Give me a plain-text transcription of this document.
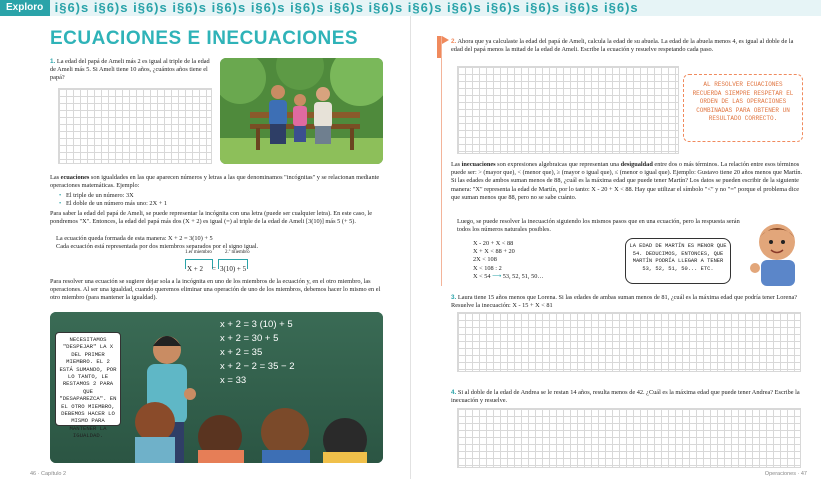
Exploro i§6)s i§6)s i§6)s i§6)s i§6)s i§6)s i§6)s i§6)s i§6)s i§6)s i§6)s i§6)s i§6)s i§6)s i§6)s
ECUACIONES E INECUACIONES
1. La edad del papá de Ameli más 2 es igual al triple de la edad de Ameli más 5. Si Ameli tiene 10 años, ¿cuántos años tiene el papá?
Las ecuaciones son igualdades en las que aparecen números y letras a las que denominamos "incógnitas" y se relacionan mediante operaciones matemáticas. Ejemplo:
• El triple de un número: 3X
• El doble de un número más uno: 2X + 1
Para saber la edad del papá de Ameli, se puede representar la incógnita con una letra (puede ser cualquier letra). En este caso, le pondremos "X". Entonces, la edad del papá más dos (X + 2) es igual (=) al triple de la edad de Ameli [3(10)] más 5 (+ 5).
La ecuación queda formada de esta manera: X + 2 = 3(10) + 5
Cada ecuación está representada por dos miembros separados por el signo igual.
1.er miembro	2.º miembro
X + 2 = 3(10) + 5
Para resolver una ecuación se sugiere dejar sola a la incógnita en uno de los miembros de la ecuación y, en el otro miembro, las operaciones. Al ser una igualdad, cuando queremos eliminar una operación de uno de los miembros, debemos hacer lo mismo en el otro miembro (para mantener la igualdad).
x + 2 = 3 (10) + 5
x + 2 = 30 + 5
x + 2 = 35
x + 2 − 2 = 35 − 2
x = 33
NECESITAMOS "DESPEJAR" LA X DEL PRIMER MIEMBRO. EL 2 ESTÁ SUMANDO, POR LO TANTO, LE RESTAMOS 2 PARA QUE "DESAPAREZCA". EN EL OTRO MIEMBRO, DEBEMOS HACER LO MISMO PARA MANTENER LA IGUALDAD.
46 · Capítulo 2
2. Ahora que ya calculaste la edad del papá de Ameli, calcula la edad de su abuela. La edad de la abuela menos 4, es igual al doble de la edad del papá menos la mitad de la edad de Ameli. Escribe la ecuación y resuelve respetando cada paso.
AL RESOLVER ECUACIONES RECUERDA SIEMPRE RESPETAR EL ORDEN DE LAS OPERACIONES COMBINADAS PARA OBTENER UN RESULTADO CORRECTO.
Las inecuaciones son expresiones algebraicas que representan una desigualdad entre dos o más términos. La relación entre esos términos puede ser: > (mayor que), < (menor que), ≥ (mayor o igual que), ≤ (menor o igual que). Ejemplo: Gustavo tiene 20 años menos que Martín. Si las edades de ambos suman menos de 88, ¿cuál es la máxima edad que puede tener Martín? Los datos se pueden escribir de la siguiente manera: "X" representa la edad de Martín, por lo tanto: X - 20 + X < 88. Hay que utilizar el símbolo "<" y no "=" porque el problema dice que suman menos que 88, pero no se sabe cuánto.
Luego, se puede resolver la inecuación siguiendo los mismos pasos que en una ecuación, pero la respuesta serán todos los números naturales posibles.
X - 20 + X < 88
X + X < 88 + 20
2X < 108
X < 108 : 2
X < 54 ⟶ 53, 52, 51, 50…
LA EDAD DE MARTÍN ES MENOR QUE 54. DEDUCIMOS, ENTONCES, QUE MARTÍN PODRÍA LLEGAR A TENER 53, 52, 51, 50... ETC.
3. Laura tiene 15 años menos que Lorena. Si las edades de ambas suman menos de 81, ¿cuál es la máxima edad que podría tener Lorena? Resuelve la inecuación: X - 15 + X < 81
4. Si al doble de la edad de Andrea se le restan 14 años, resulta menos de 42. ¿Cuál es la máxima edad que puede tener Andrea? Escribe la inecuación y resuelve.
Operaciones · 47
